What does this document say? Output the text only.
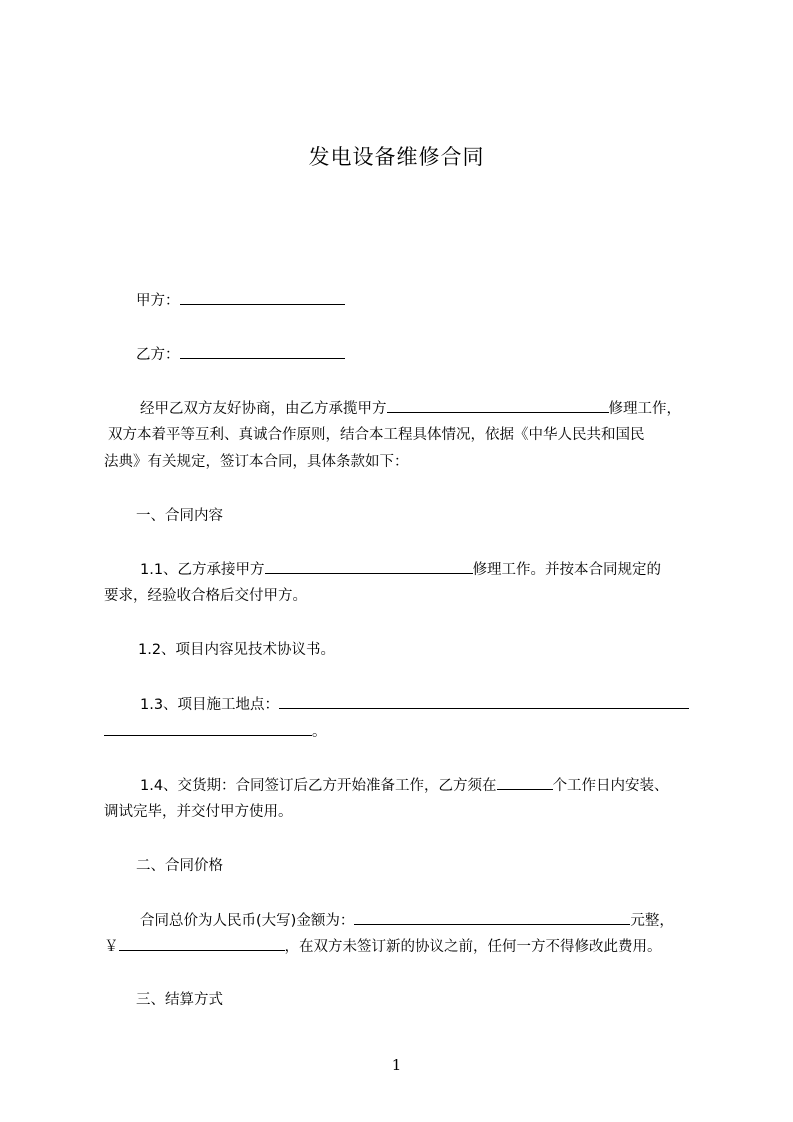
发电设备维修合同
甲方：
乙方：
经甲乙双方友好协商，由乙方承揽甲方	修理工作，
双方本着平等互利、真诚合作原则，结合本工程具体情况，依据《中华人民共和国民
法典》有关规定，签订本合同，具体条款如下：
一、合同内容
1.1、乙方承接甲方	修理工作。并按本合同规定的
要求，经验收合格后交付甲方。
1.2、项目内容见技术协议书。
1.3、项目施工地点：
。
1.4、交货期：合同签订后乙方开始准备工作，乙方须在	个工作日内安装、
调试完毕，并交付甲方使用。
二、合同价格
合同总价为人民币(大写)金额为：	元整，
￥	，在双方未签订新的协议之前，任何一方不得修改此费用。
三、结算方式
1
